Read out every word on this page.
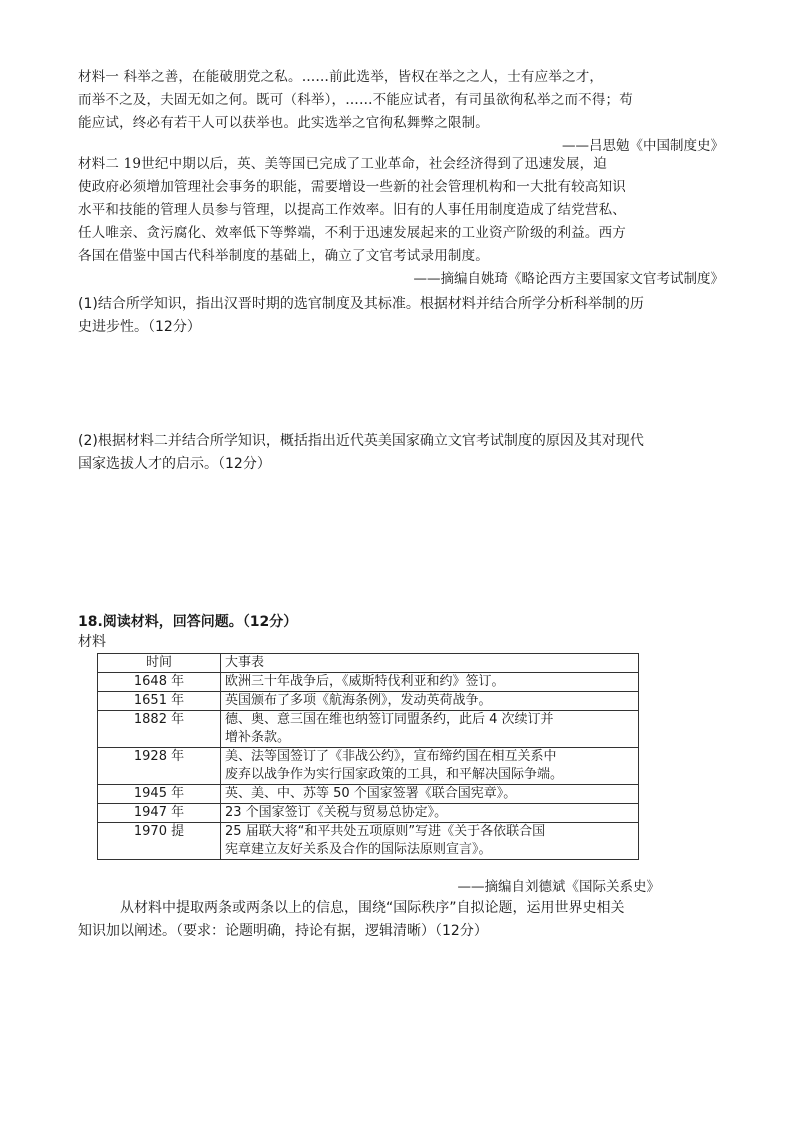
材料一 科举之善，在能破朋党之私。……前此选举，皆权在举之之人，士有应举之才，
而举不之及，夫固无如之何。既可（科举），……不能应试者，有司虽欲徇私举之而不得；苟
能应试，终必有若干人可以获举也。此实选举之官徇私舞弊之限制。
——吕思勉《中国制度史》
材料二 19世纪中期以后，英、美等国已完成了工业革命，社会经济得到了迅速发展，迫
使政府必须增加管理社会事务的职能，需要增设一些新的社会管理机构和一大批有较高知识
水平和技能的管理人员参与管理，以提高工作效率。旧有的人事任用制度造成了结党营私、
任人唯亲、贪污腐化、效率低下等弊端，不利于迅速发展起来的工业资产阶级的利益。西方
各国在借鉴中国古代科举制度的基础上，确立了文官考试录用制度。
——摘编自姚琦《略论西方主要国家文官考试制度》
(1)结合所学知识，指出汉晋时期的选官制度及其标准。根据材料并结合所学分析科举制的历
史进步性。（12分）
(2)根据材料二并结合所学知识，概括指出近代英美国家确立文官考试制度的原因及其对现代
国家选拔人才的启示。（12分）
18.阅读材料，回答问题。（12分）
材料
时间	大事表
1648 年	欧洲三十年战争后，《威斯特伐利亚和约》签订。

1651 年	英国颁布了多项《航海条例》，发动英荷战争。

1882 年	德、奥、意三国在维也纳签订同盟条约，此后 4 次续订并
增补条款。

1928 年	美、法等国签订了《非战公约》，宣布缔约国在相互关系中
废弃以战争作为实行国家政策的工具，和平解决国际争端。

1945 年	英、美、中、苏等 50 个国家签署《联合国宪章》。

1947 年	23 个国家签订《关税与贸易总协定》。

1970 提	25 届联大将“和平共处五项原则”写进《关于各依联合国
宪章建立友好关系及合作的国际法原则宣言》。
——摘编自刘德斌《国际关系史》
从材料中提取两条或两条以上的信息，围绕“国际秩序”自拟论题，运用世界史相关
知识加以阐述。（要求：论题明确，持论有据，逻辑清晰）（12分）
